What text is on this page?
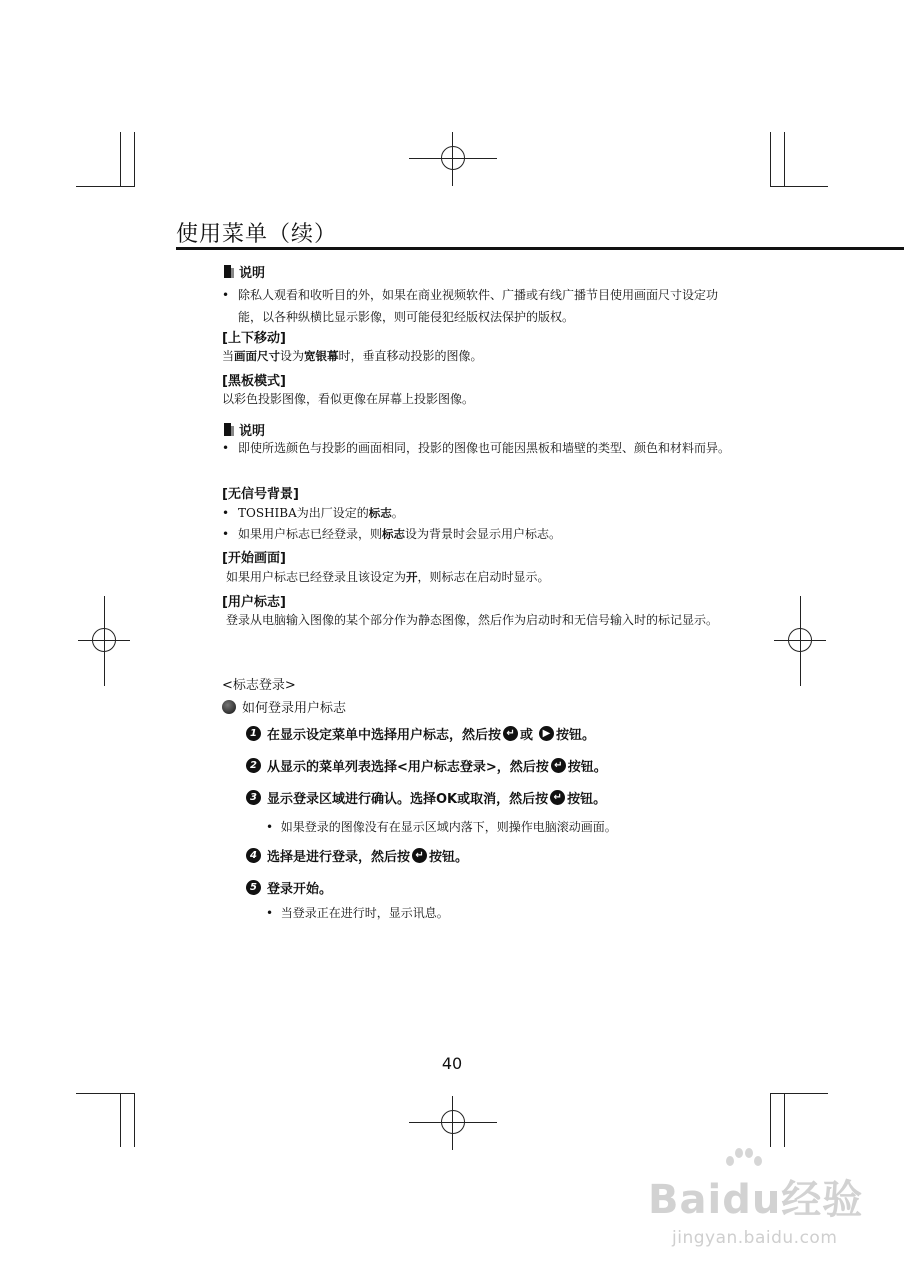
使用菜单（续）
说明
• 除私人观看和收听目的外，如果在商业视频软件、广播或有线广播节目使用画面尺寸设定功能，以各种纵横比显示影像，则可能侵犯经版权法保护的版权。
[上下移动]
当画面尺寸设为宽银幕时，垂直移动投影的图像。
[黑板模式]
以彩色投影图像，看似更像在屏幕上投影图像。
说明
• 即使所选颜色与投影的画面相同，投影的图像也可能因黑板和墙壁的类型、颜色和材料而异。
[无信号背景]
• TOSHIBA为出厂设定的标志。
• 如果用户标志已经登录，则标志设为背景时会显示用户标志。
[开始画面]
如果用户标志已经登录且该设定为开，则标志在启动时显示。
[用户标志]
登录从电脑输入图像的某个部分作为静态图像，然后作为启动时和无信号输入时的标记显示。
<标志登录>
如何登录用户标志
1 在显示设定菜单中选择用户标志，然后按 ↵ 或 ▶ 按钮。
2 从显示的菜单列表选择<用户标志登录>，然后按 ↵ 按钮。
3 显示登录区域进行确认。选择OK或取消，然后按 ↵ 按钮。
•  如果登录的图像没有在显示区域内落下，则操作电脑滚动画面。
4 选择是进行登录，然后按 ↵ 按钮。
5 登录开始。
•  当登录正在进行时，显示讯息。
40
Baidu经验
jingyan.baidu.com
